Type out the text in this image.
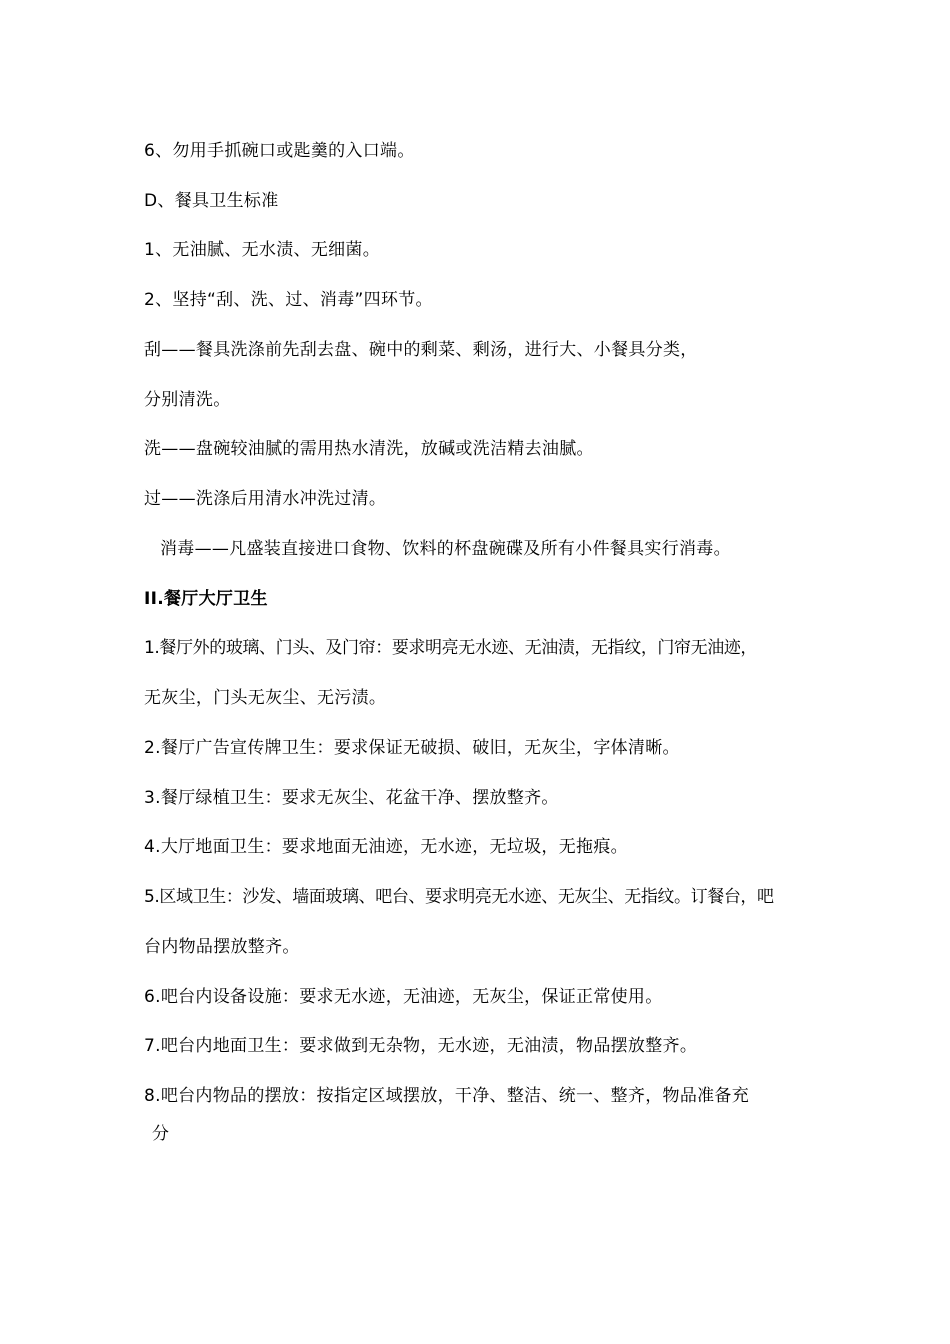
6、勿用手抓碗口或匙羹的入口端。
D、餐具卫生标准
1、无油腻、无水渍、无细菌。
2、坚持“刮、洗、过、消毒”四环节。
刮——餐具洗涤前先刮去盘、碗中的剩菜、剩汤，进行大、小餐具分类，
分别清洗。
洗——盘碗较油腻的需用热水清洗，放碱或洗洁精去油腻。
过——洗涤后用清水冲洗过清。
消毒——凡盛装直接进口食物、饮料的杯盘碗碟及所有小件餐具实行消毒。
II.餐厅大厅卫生
1.餐厅外的玻璃、门头、及门帘：要求明亮无水迹、无油渍，无指纹，门帘无油迹，
无灰尘，门头无灰尘、无污渍。
2.餐厅广告宣传牌卫生：要求保证无破损、破旧，无灰尘，字体清晰。
3.餐厅绿植卫生：要求无灰尘、花盆干净、摆放整齐。
4.大厅地面卫生：要求地面无油迹，无水迹，无垃圾，无拖痕。
5.区域卫生：沙发、墙面玻璃、吧台、要求明亮无水迹、无灰尘、无指纹。订餐台，吧
台内物品摆放整齐。
6.吧台内设备设施：要求无水迹，无油迹，无灰尘，保证正常使用。
7.吧台内地面卫生：要求做到无杂物，无水迹，无油渍，物品摆放整齐。
8.吧台内物品的摆放：按指定区域摆放，干净、整洁、统一、整齐，物品准备充
分
